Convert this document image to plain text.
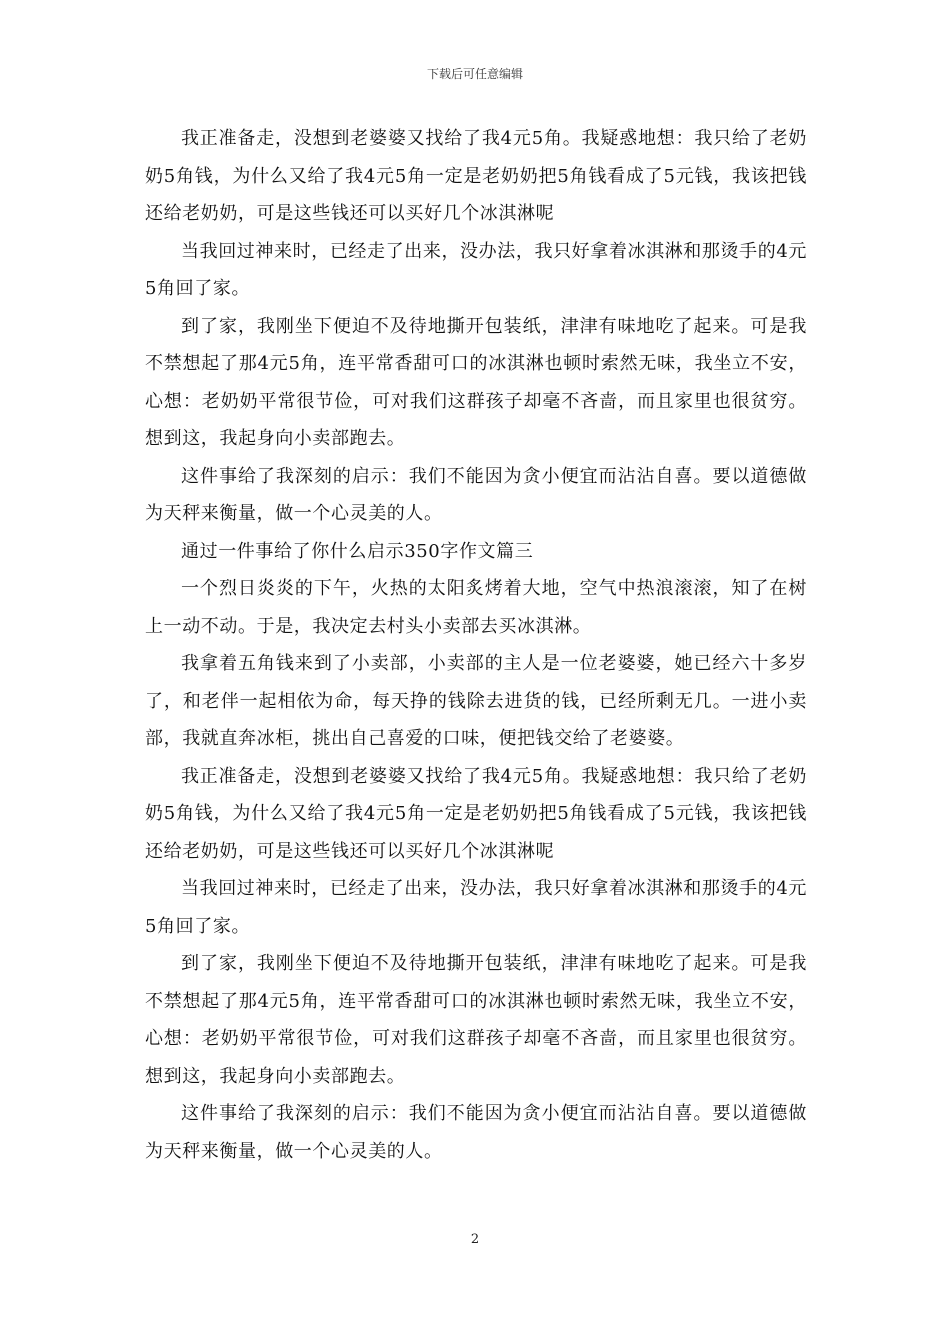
下载后可任意编辑

我正准备走，没想到老婆婆又找给了我4元5角。我疑惑地想：我只给了老奶奶5角钱，为什么又给了我4元5角一定是老奶奶把5角钱看成了5元钱，我该把钱还给老奶奶，可是这些钱还可以买好几个冰淇淋呢

当我回过神来时，已经走了出来，没办法，我只好拿着冰淇淋和那烫手的4元5角回了家。

到了家，我刚坐下便迫不及待地撕开包装纸，津津有味地吃了起来。可是我不禁想起了那4元5角，连平常香甜可口的冰淇淋也顿时索然无味，我坐立不安，心想：老奶奶平常很节俭，可对我们这群孩子却毫不吝啬，而且家里也很贫穷。想到这，我起身向小卖部跑去。

这件事给了我深刻的启示：我们不能因为贪小便宜而沾沾自喜。要以道德做为天秤来衡量，做一个心灵美的人。

通过一件事给了你什么启示350字作文篇三

一个烈日炎炎的下午，火热的太阳炙烤着大地，空气中热浪滚滚，知了在树上一动不动。于是，我决定去村头小卖部去买冰淇淋。

我拿着五角钱来到了小卖部，小卖部的主人是一位老婆婆，她已经六十多岁了，和老伴一起相依为命，每天挣的钱除去进货的钱，已经所剩无几。一进小卖部，我就直奔冰柜，挑出自己喜爱的口味，便把钱交给了老婆婆。

我正准备走，没想到老婆婆又找给了我4元5角。我疑惑地想：我只给了老奶奶5角钱，为什么又给了我4元5角一定是老奶奶把5角钱看成了5元钱，我该把钱还给老奶奶，可是这些钱还可以买好几个冰淇淋呢

当我回过神来时，已经走了出来，没办法，我只好拿着冰淇淋和那烫手的4元5角回了家。

到了家，我刚坐下便迫不及待地撕开包装纸，津津有味地吃了起来。可是我不禁想起了那4元5角，连平常香甜可口的冰淇淋也顿时索然无味，我坐立不安，心想：老奶奶平常很节俭，可对我们这群孩子却毫不吝啬，而且家里也很贫穷。想到这，我起身向小卖部跑去。

这件事给了我深刻的启示：我们不能因为贪小便宜而沾沾自喜。要以道德做为天秤来衡量，做一个心灵美的人。

2
